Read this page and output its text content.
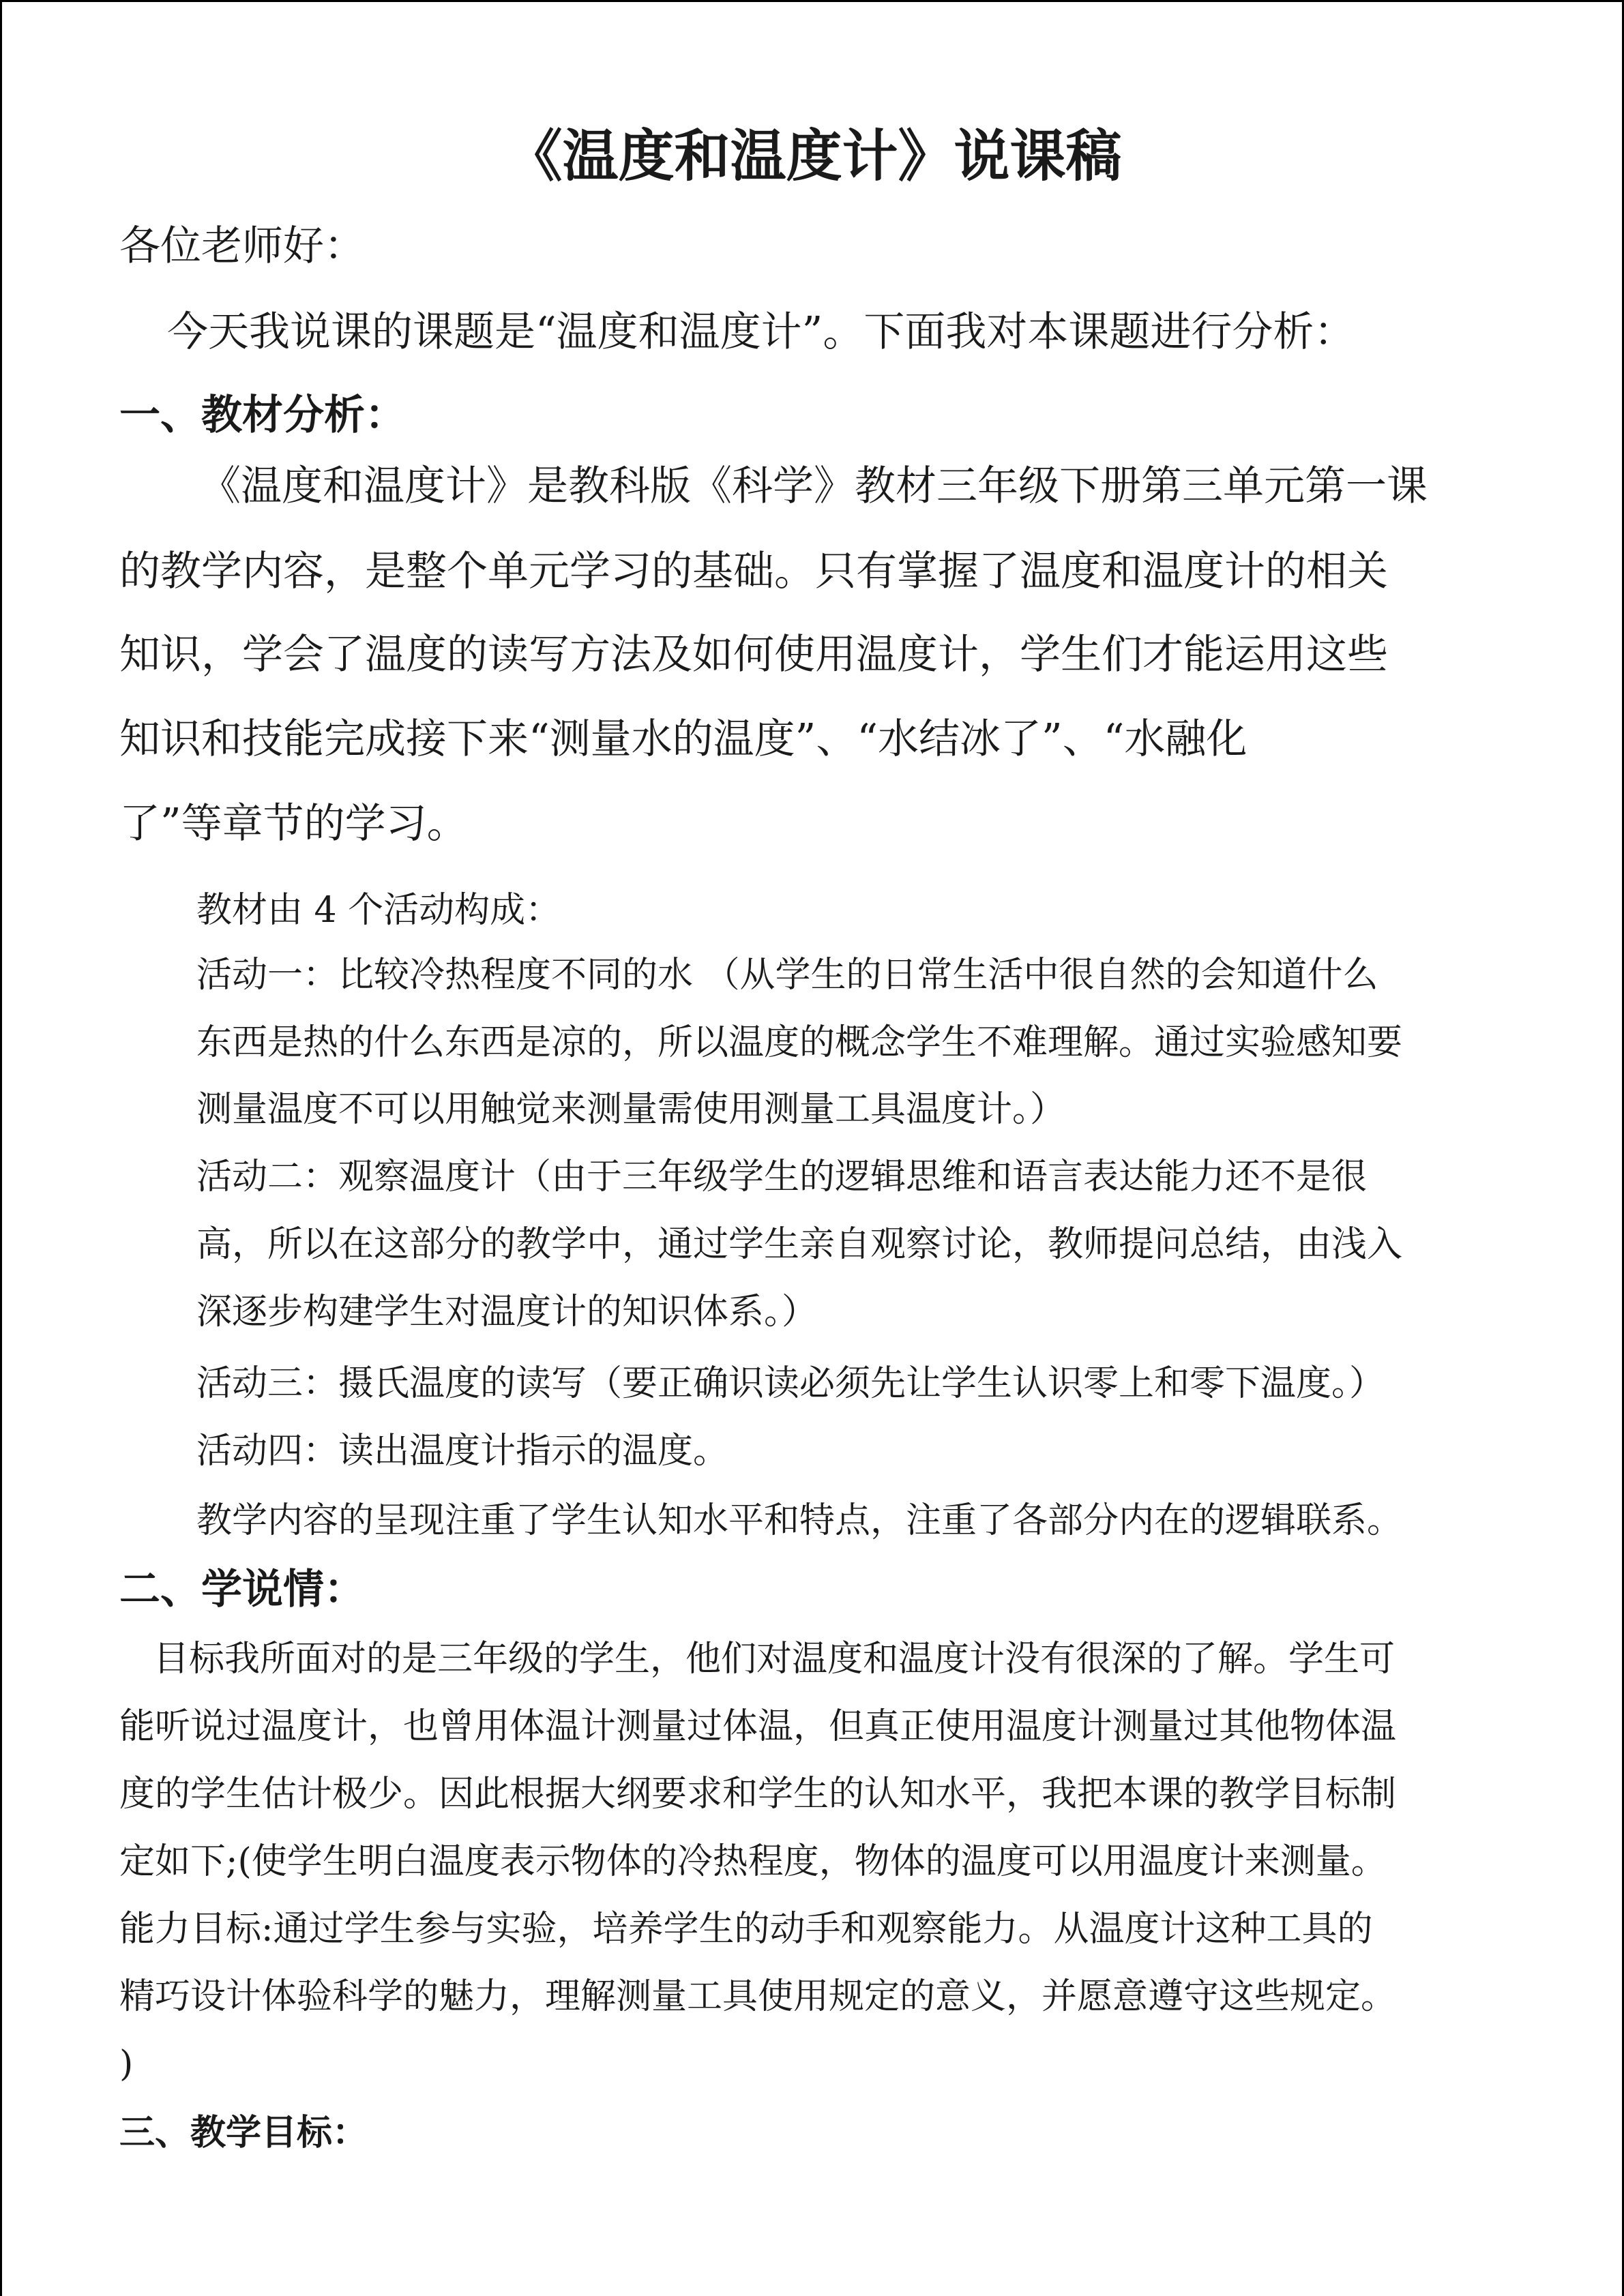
《温度和温度计》说课稿

各位老师好：

今天我说课的课题是“温度和温度计”。下面我对本课题进行分析：

一、教材分析：

《温度和温度计》是教科版《科学》教材三年级下册第三单元第一课

的教学内容，是整个单元学习的基础。只有掌握了温度和温度计的相关

知识，学会了温度的读写方法及如何使用温度计，学生们才能运用这些

知识和技能完成接下来“测量水的温度”、“水结冰了”、“水融化

了”等章节的学习。

教材由 4 个活动构成：

活动一：比较冷热程度不同的水 （从学生的日常生活中很自然的会知道什么

东西是热的什么东西是凉的，所以温度的概念学生不难理解。通过实验感知要

测量温度不可以用触觉来测量需使用测量工具温度计。）

活动二：观察温度计（由于三年级学生的逻辑思维和语言表达能力还不是很

高，所以在这部分的教学中，通过学生亲自观察讨论，教师提问总结，由浅入

深逐步构建学生对温度计的知识体系。）

活动三：摄氏温度的读写（要正确识读必须先让学生认识零上和零下温度。）

活动四：读出温度计指示的温度。

教学内容的呈现注重了学生认知水平和特点，注重了各部分内在的逻辑联系。

二、学说情：

目标我所面对的是三年级的学生，他们对温度和温度计没有很深的了解。学生可

能听说过温度计，也曾用体温计测量过体温，但真正使用温度计测量过其他物体温

度的学生估计极少。因此根据大纲要求和学生的认知水平，我把本课的教学目标制

定如下;(使学生明白温度表示物体的冷热程度，物体的温度可以用温度计来测量。

能力目标:通过学生参与实验，培养学生的动手和观察能力。从温度计这种工具的

精巧设计体验科学的魅力，理解测量工具使用规定的意义，并愿意遵守这些规定。

)

三、教学目标：
